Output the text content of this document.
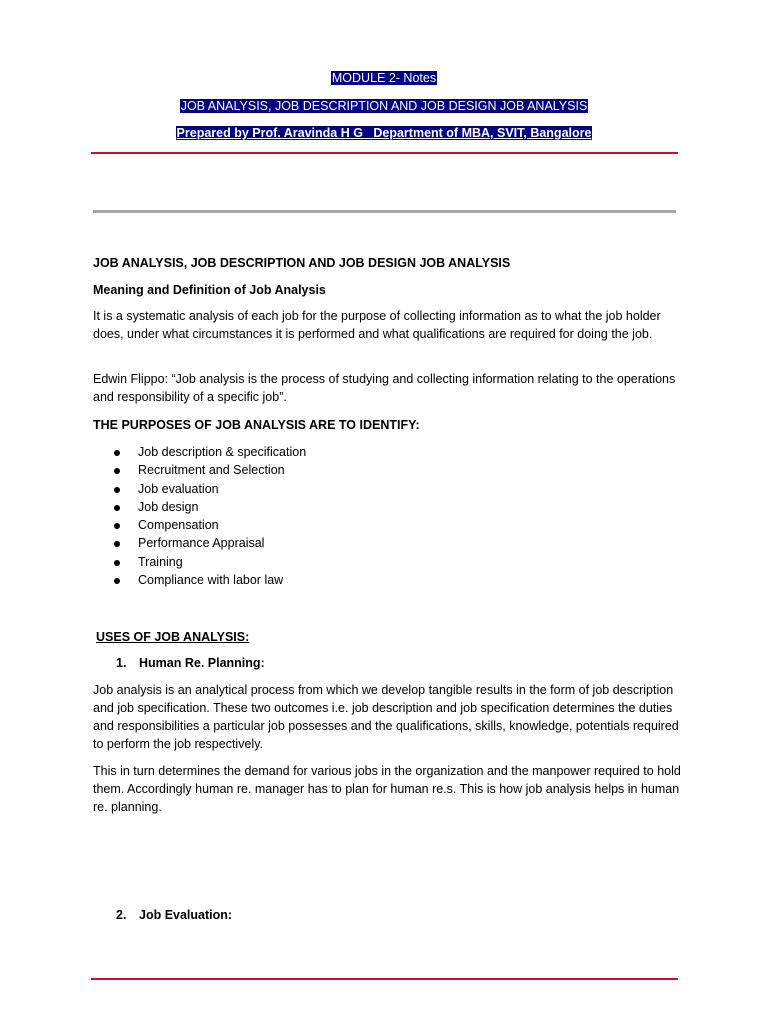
MODULE 2- Notes
JOB ANALYSIS, JOB DESCRIPTION AND JOB DESIGN JOB ANALYSIS
Prepared by Prof. Aravinda H G   Department of MBA, SVIT, Bangalore
JOB ANALYSIS, JOB DESCRIPTION AND JOB DESIGN JOB ANALYSIS
Meaning and Definition of Job Analysis

It is a systematic analysis of each job for the purpose of collecting information as to what the job holder does, under what circumstances it is performed and what qualifications are required for doing the job.

Edwin Flippo: “Job analysis is the process of studying and collecting information relating to the operations and responsibility of a specific job”.

THE PURPOSES OF JOB ANALYSIS ARE TO IDENTIFY:
Job description & specification
Recruitment and Selection
Job evaluation
Job design
Compensation
Performance Appraisal
Training
Compliance with labor law
USES OF JOB ANALYSIS:
1. Human Re. Planning:

Job analysis is an analytical process from which we develop tangible results in the form of job description and job specification. These two outcomes i.e. job description and job specification determines the duties and responsibilities a particular job possesses and the qualifications, skills, knowledge, potentials required to perform the job respectively.

This in turn determines the demand for various jobs in the organization and the manpower required to hold them. Accordingly human re. manager has to plan for human re.s. This is how job analysis helps in human re. planning.

2. Job Evaluation:
